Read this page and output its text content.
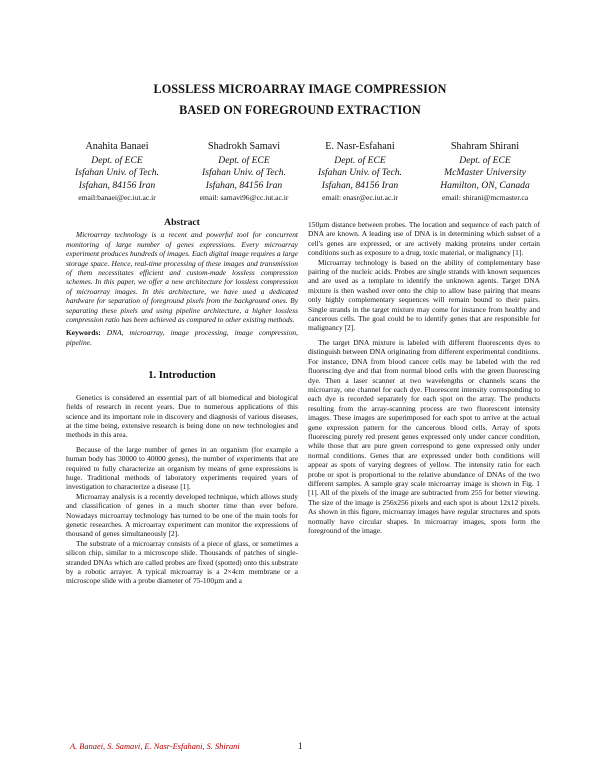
LOSSLESS MICROARRAY IMAGE COMPRESSION
BASED ON FOREGROUND EXTRACTION
Anahita Banaei
Dept. of ECE
Isfahan Univ. of Tech.
Isfahan, 84156 Iran
email:banaei@ec.iut.ac.ir
Shadrokh Samavi
Dept. of ECE
Isfahan Univ. of Tech.
Isfahan, 84156 Iran
email: samavi96@cc.iut.ac.ir
E. Nasr-Esfahani
Dept. of ECE
Isfahan Univ. of Tech.
Isfahan, 84156 Iran
email: enasr@ec.iut.ac.ir
Shahram Shirani
Dept. of ECE
McMaster University
Hamilton, ON, Canada
email: shirani@mcmaster.ca
Abstract

Microarray technology is a recent and powerful tool for concurrent monitoring of large number of genes expressions. Every microarray experiment produces hundreds of images. Each digital image requires a large storage space. Hence, real-time processing of these images and transmission of them necessitates efficient and custom-made lossless compression schemes. In this paper, we offer a new architecture for lossless compression of microarray images. In this architecture, we have used a dedicated hardware for separation of foreground pixels from the background ones. By separating these pixels and using pipeline architecture, a higher lossless compression ratio has been achieved as compared to other existing methods.

Keywords: DNA, microarray, image processing, image compression, pipeline.

1. Introduction

Genetics is considered an essential part of all biomedical and biological fields of research in recent years. Due to numerous applications of this science and its important role in discovery and diagnosis of various diseases, at the time being, extensive research is being done on new technologies and methods in this area.

Because of the large number of genes in an organism (for example a human body has 30000 to 40000 genes), the number of experiments that are required to fully characterize an organism by means of gene expressions is huge. Traditional methods of laboratory experiments required years of investigation to characterize a disease [1].

Microarray analysis is a recently developed technique, which allows study and classification of genes in a much shorter time than ever before. Nowadays microarray technology has turned to be one of the main tools for genetic researches. A microarray experiment can monitor the expressions of thousand of genes simultaneously [2].

The substrate of a microarray consists of a piece of glass, or sometimes a silicon chip, similar to a microscope slide. Thousands of patches of single-stranded DNAs which are called probes are fixed (spotted) onto this substrate by a robotic arrayer. A typical microarray is a 2×4cm membrane or a microscope slide with a probe diameter of 75-100µm and a

150µm distance between probes. The location and sequence of each patch of DNA are known. A leading use of DNA is in determining which subset of a cell's genes are expressed, or are actively making proteins under certain conditions such as exposure to a drug, toxic material, or malignancy [1].

Microarray technology is based on the ability of complementary base pairing of the nucleic acids. Probes are single strands with known sequences and are used as a template to identify the unknown agents. Target DNA mixture is then washed over onto the chip to allow base pairing that means only highly complementary sequences will remain bound to their pairs. Single strands in the target mixture may come for instance from healthy and cancerous cells. The goal could be to identify genes that are responsible for malignancy [2].

The target DNA mixture is labeled with different fluorescents dyes to distinguish between DNA originating from different experimental conditions. For instance, DNA from blood cancer cells may be labeled with the red fluorescing dye and that from normal blood cells with the green fluorescing dye. Then a laser scanner at two wavelengths or channels scans the microarray, one channel for each dye. Fluorescent intensity corresponding to each dye is recorded separately for each spot on the array. The products resulting from the array-scanning process are two fluorescent intensity images. These images are superimposed for each spot to arrive at the actual gene expression pattern for the cancerous blood cells. Array of spots fluorescing purely red present genes expressed only under cancer condition, while those that are pure green correspond to gene expressed only under normal conditions. Genes that are expressed under both conditions will appear as spots of varying degrees of yellow. The intensity ratio for each probe or spot is proportional to the relative abundance of DNAs of the two different samples. A sample gray scale microarray image is shown in Fig. 1 [1]. All of the pixels of the image are subtracted from 255 for better viewing. The size of the image is 256x256 pixels and each spot is about 12x12 pixels. As shown in this figure, microarray images have regular structures and spots normally have circular shapes. In microarray images, spots form the foreground of the image.

A. Banaei, S. Samavi, E. Nasr-Esfahani, S. Shirani	1
